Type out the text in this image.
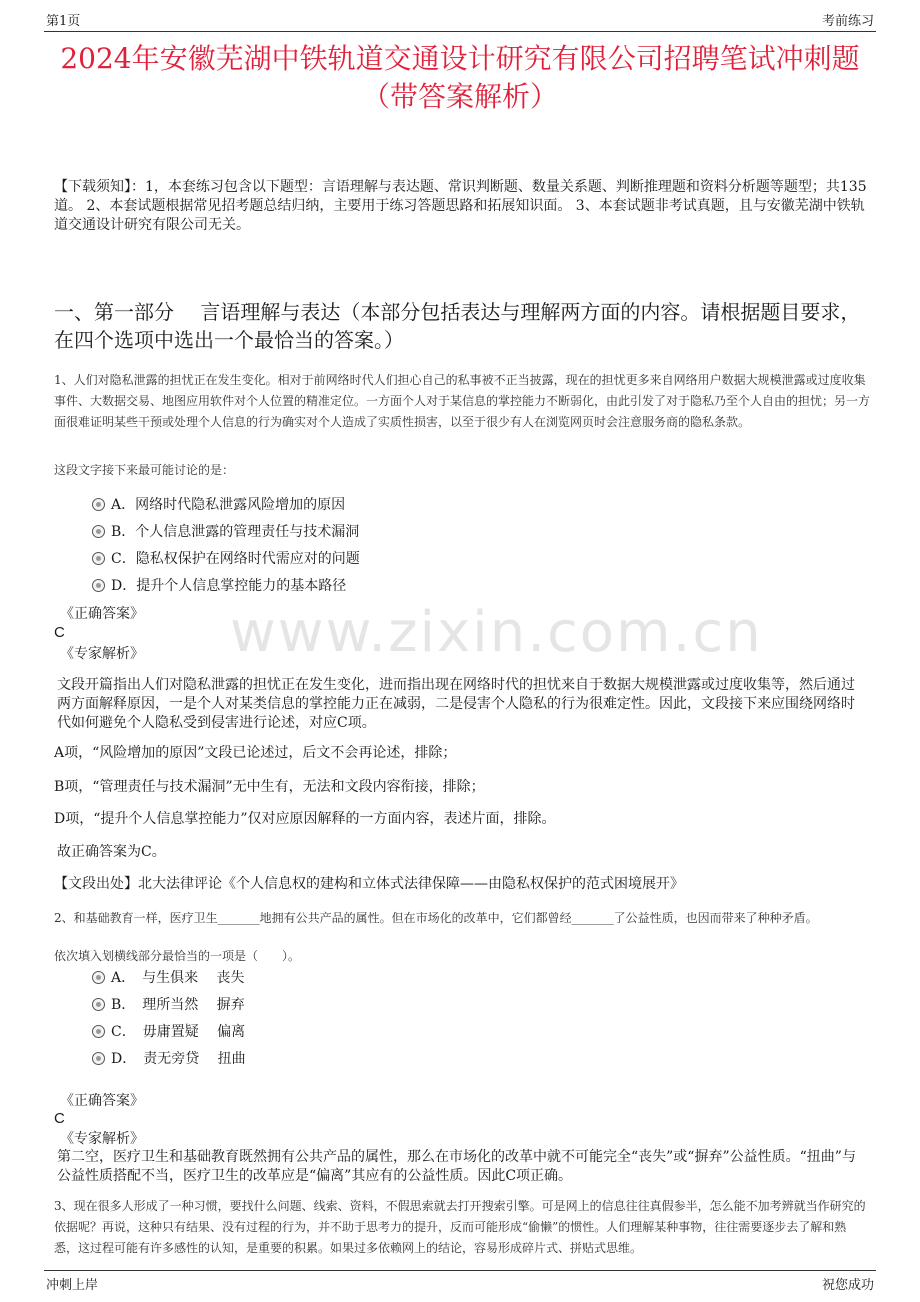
第1页	考前练习
2024年安徽芜湖中铁轨道交通设计研究有限公司招聘笔试冲刺题（带答案解析）
【下载须知】：1，本套练习包含以下题型：言语理解与表达题、常识判断题、数量关系题、判断推理题和资料分析题等题型；共135道。 2、本套试题根据常见招考题总结归纳，主要用于练习答题思路和拓展知识面。 3、本套试题非考试真题，且与安徽芜湖中铁轨道交通设计研究有限公司无关。
一、第一部分　 言语理解与表达（本部分包括表达与理解两方面的内容。请根据题目要求，在四个选项中选出一个最恰当的答案。）
1、人们对隐私泄露的担忧正在发生变化。相对于前网络时代人们担心自己的私事被不正当披露，现在的担忧更多来自网络用户数据大规模泄露或过度收集事件、大数据交易、地图应用软件对个人位置的精准定位。一方面个人对于某信息的掌控能力不断弱化，由此引发了对于隐私乃至个人自由的担忧；另一方面很难证明某些干预或处理个人信息的行为确实对个人造成了实质性损害，以至于很少有人在浏览网页时会注意服务商的隐私条款。
这段文字接下来最可能讨论的是：
A．网络时代隐私泄露风险增加的原因
B．个人信息泄露的管理责任与技术漏洞
C．隐私权保护在网络时代需应对的问题
D．提升个人信息掌控能力的基本路径
《正确答案》
C
《专家解析》 www.zixin.com.cn
文段开篇指出人们对隐私泄露的担忧正在发生变化，进而指出现在网络时代的担忧来自于数据大规模泄露或过度收集等，然后通过两方面解释原因，一是个人对某类信息的掌控能力正在减弱，二是侵害个人隐私的行为很难定性。因此，文段接下来应围绕网络时代如何避免个人隐私受到侵害进行论述，对应C项。
A项，“风险增加的原因”文段已论述过，后文不会再论述，排除；
B项，“管理责任与技术漏洞”无中生有，无法和文段内容衔接，排除；
D项，“提升个人信息掌控能力”仅对应原因解释的一方面内容，表述片面，排除。
故正确答案为C。
【文段出处】北大法律评论《个人信息权的建构和立体式法律保障——由隐私权保护的范式困境展开》
2、和基础教育一样，医疗卫生_______地拥有公共产品的属性。但在市场化的改革中，它们都曾经_______了公益性质，也因而带来了种种矛盾。
依次填入划横线部分最恰当的一项是（　　）。
A．　与生俱来　 丧失
B．　理所当然　 摒弃
C．　毋庸置疑　 偏离
D．　责无旁贷　 扭曲
《正确答案》
C
《专家解析》
第二空，医疗卫生和基础教育既然拥有公共产品的属性，那么在市场化的改革中就不可能完全“丧失”或“摒弃”公益性质。“扭曲”与公益性质搭配不当，医疗卫生的改革应是“偏离”其应有的公益性质。因此C项正确。
3、现在很多人形成了一种习惯，要找什么问题、线索、资料，不假思索就去打开搜索引擎。可是网上的信息往往真假参半，怎么能不加考辨就当作研究的依据呢？再说，这种只有结果、没有过程的行为，并不助于思考力的提升，反而可能形成“偷懒”的惯性。人们理解某种事物，往往需要逐步去了解和熟悉，这过程可能有许多感性的认知，是重要的积累。如果过多依赖网上的结论，容易形成碎片式、拼贴式思维。
冲刺上岸	祝您成功
